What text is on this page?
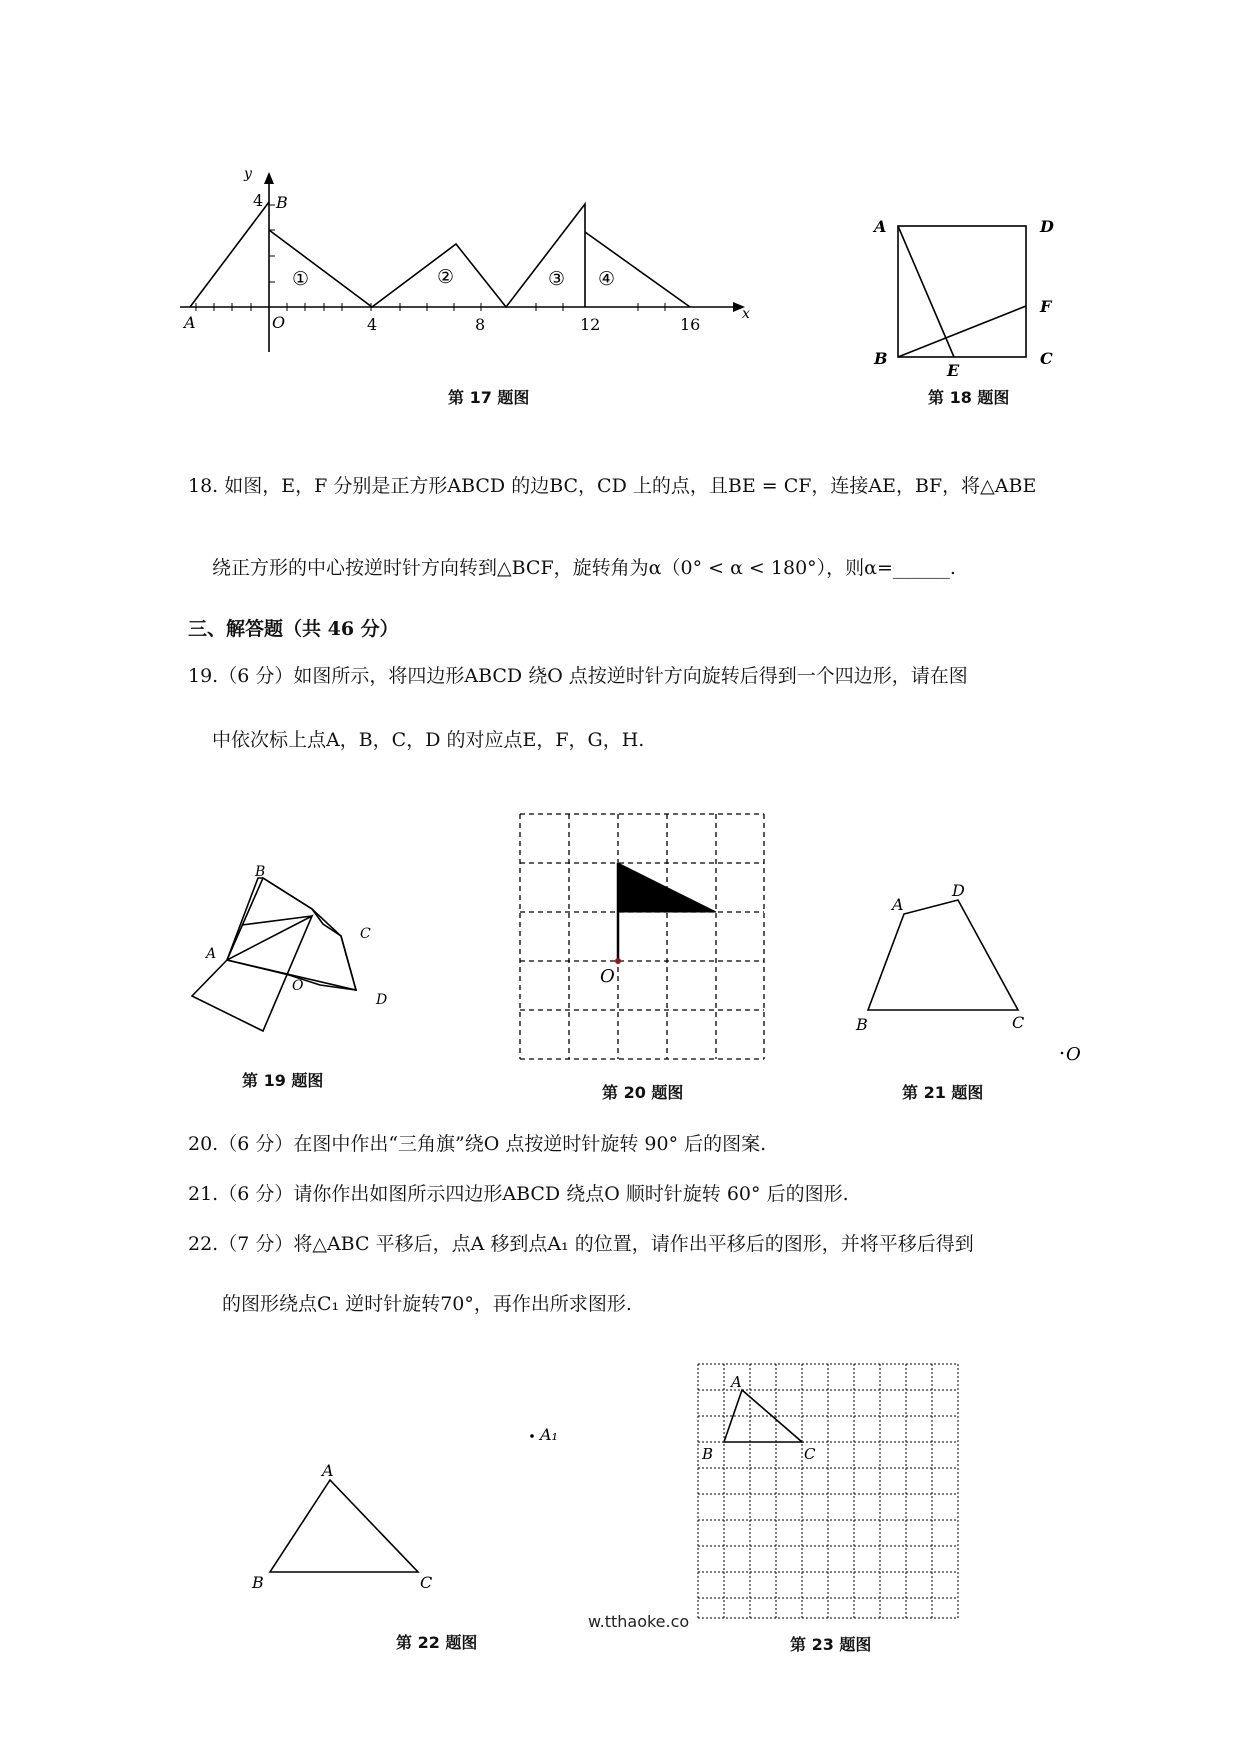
y
x
4 B
A	O	4	8	12	16
①	②	③ ④
第 17 题图
A	D
F
B	C
E
第 18 题图
18. 如图，E，F 分别是正方形ABCD 的边BC，CD 上的点，且BE = CF，连接AE，BF，将△ABE
绕正方形的中心按逆时针方向转到△BCF，旋转角为α（0° < α < 180°），则α=______.
三、解答题（共 46 分）
19.（6 分）如图所示，将四边形ABCD 绕O 点按逆时针方向旋转后得到一个四边形，请在图
中依次标上点A，B，C，D 的对应点E，F，G，H.
B
C
A
O
D
第 19 题图
O
第 20 题图
A
D
B	C
O
第 21 题图
20.（6 分）在图中作出“三角旗”绕O 点按逆时针旋转 90° 后的图案.
21.（6 分）请你作出如图所示四边形ABCD 绕点O 顺时针旋转 60° 后的图形.
22.（7 分）将△ABC 平移后，点A 移到点A₁ 的位置，请作出平移后的图形，并将平移后得到
的图形绕点C₁ 逆时针旋转70°，再作出所求图形.
A
B	C
A₁
第 22 题图
w.tthaoke.co
A
B	C
第 23 题图
